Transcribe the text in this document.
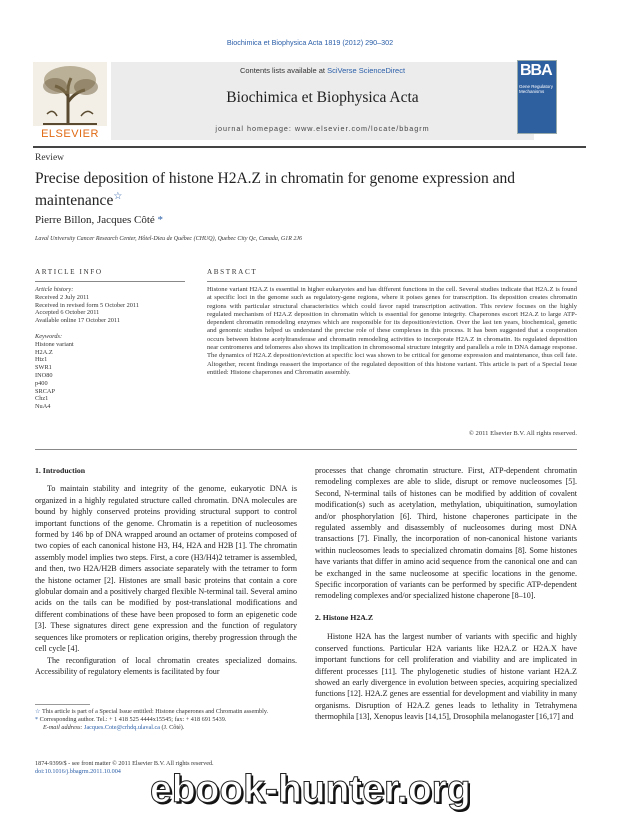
Biochimica et Biophysica Acta 1819 (2012) 290–302
ELSEVIER
Contents lists available at SciVerse ScienceDirect
Biochimica et Biophysica Acta
journal homepage: www.elsevier.com/locate/bbagrm
BBA
Gene Regulatory Mechanisms
Review
Precise deposition of histone H2A.Z in chromatin for genome expression and maintenance☆
Pierre Billon, Jacques Côté *
Laval University Cancer Research Center, Hôtel-Dieu de Québec (CHUQ), Quebec City Qc, Canada, G1R 2J6
ARTICLE INFO	ABSTRACT
Article history:
Received 2 July 2011
Received in revised form 5 October 2011
Accepted 6 October 2011
Available online 17 October 2011
Keywords:
Histone variant
H2A.Z
Htz1
SWR1
INO80
p400
SRCAP
Chz1
NuA4
Histone variant H2A.Z is essential in higher eukaryotes and has different functions in the cell. Several studies indicate that H2A.Z is found at specific loci in the genome such as regulatory-gene regions, where it poises genes for transcription. Its deposition creates chromatin regions with particular structural characteristics which could favor rapid transcription activation. This review focuses on the highly regulated mechanism of H2A.Z deposition in chromatin which is essential for genome integrity. Chaperones escort H2A.Z to large ATP-dependent chromatin remodeling enzymes which are responsible for its deposition/eviction. Over the last ten years, biochemical, genetic and genomic studies helped us understand the precise role of these complexes in this process. It has been suggested that a cooperation occurs between histone acetyltransferase and chromatin remodeling activities to incorporate H2A.Z in chromatin. Its regulated deposition near centromeres and telomeres also shows its implication in chromosomal structure integrity and parallels a role in DNA damage response. The dynamics of H2A.Z deposition/eviction at specific loci was shown to be critical for genome expression and maintenance, thus cell fate. Altogether, recent findings reassert the importance of the regulated deposition of this histone variant. This article is part of a Special Issue entitled: Histone chaperones and Chromatin assembly.
© 2011 Elsevier B.V. All rights reserved.

1. Introduction

To maintain stability and integrity of the genome, eukaryotic DNA is organized in a highly regulated structure called chromatin. DNA molecules are bound by highly conserved proteins providing structural support to control important functions of the genome. Chromatin is a repetition of nucleosomes formed by 146 bp of DNA wrapped around an octamer of proteins composed of two copies of each canonical histone H3, H4, H2A and H2B [1]. The chromatin assembly model implies two steps. First, a core (H3/H4)2 tetramer is assembled, and then, two H2A/H2B dimers associate separately with the tetramer to form the histone octamer [2]. Histones are small basic proteins that contain a core globular domain and a positively charged flexible N-terminal tail. Several amino acids on the tails can be modified by post-translational modifications and different combinations of these have been proposed to form an epigenetic code [3]. These signatures direct gene expression and the function of regulatory sequences like promoters or replication origins, thereby progression through the cell cycle [4].

The reconfiguration of local chromatin creates specialized domains. Accessibility of regulatory elements is facilitated by four

☆ This article is part of a Special Issue entitled: Histone chaperones and Chromatin assembly.
* Corresponding author. Tel.: + 1 418 525 4444x15545; fax: + 418 691 5439.
E-mail address: Jacques.Cote@crhdq.ulaval.ca (J. Côté).
1874-9399/$ - see front matter © 2011 Elsevier B.V. All rights reserved.
doi:10.1016/j.bbagrm.2011.10.004

processes that change chromatin structure. First, ATP-dependent chromatin remodeling complexes are able to slide, disrupt or remove nucleosomes [5]. Second, N-terminal tails of histones can be modified by addition of covalent modification(s) such as acetylation, methylation, ubiquitination, sumoylation and/or phosphorylation [6]. Third, histone chaperones participate in the regulated assembly and disassembly of nucleosomes during most DNA transactions [7]. Finally, the incorporation of non-canonical histone variants within nucleosomes leads to specialized chromatin domains [8]. Some histones have variants that differ in amino acid sequence from the canonical one and can be exchanged in the same nucleosome at specific locations in the genome. Specific incorporation of variants can be performed by specific ATP-dependent remodeling complexes and/or specialized histone chaperone [8–10].

2. Histone H2A.Z

Histone H2A has the largest number of variants with specific and highly conserved functions. Particular H2A variants like H2A.Z or H2A.X have important functions for cell proliferation and viability and are implicated in different processes [11]. The phylogenetic studies of histone variant H2A.Z showed an early divergence in evolution between species, acquiring specialized functions [12]. H2A.Z genes are essential for development and viability in many organisms. Disruption of H2A.Z genes leads to lethality in Tetrahymena thermophila [13], Xenopus leavis [14,15], Drosophila melanogaster [16,17] and

ebook-hunter.org
